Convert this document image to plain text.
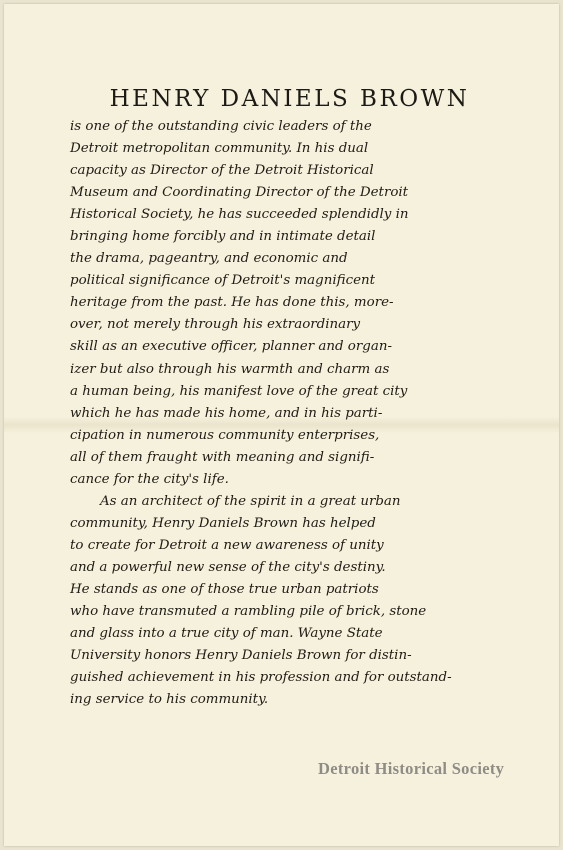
HENRY DANIELS BROWN
is one of the outstanding civic leaders of the
Detroit metropolitan community. In his dual
capacity as Director of the Detroit Historical
Museum and Coordinating Director of the Detroit
Historical Society, he has succeeded splendidly in
bringing home forcibly and in intimate detail
the drama, pageantry, and economic and
political significance of Detroit's magnificent
heritage from the past. He has done this, more-
over, not merely through his extraordinary
skill as an executive officer, planner and organ-
izer but also through his warmth and charm as
a human being, his manifest love of the great city
which he has made his home, and in his parti-
cipation in numerous community enterprises,
all of them fraught with meaning and signifi-
cance for the city's life.
As an architect of the spirit in a great urban
community, Henry Daniels Brown has helped
to create for Detroit a new awareness of unity
and a powerful new sense of the city's destiny.
He stands as one of those true urban patriots
who have transmuted a rambling pile of brick, stone
and glass into a true city of man. Wayne State
University honors Henry Daniels Brown for distin-
guished achievement in his profession and for outstand-
ing service to his community.
Detroit Historical Society
